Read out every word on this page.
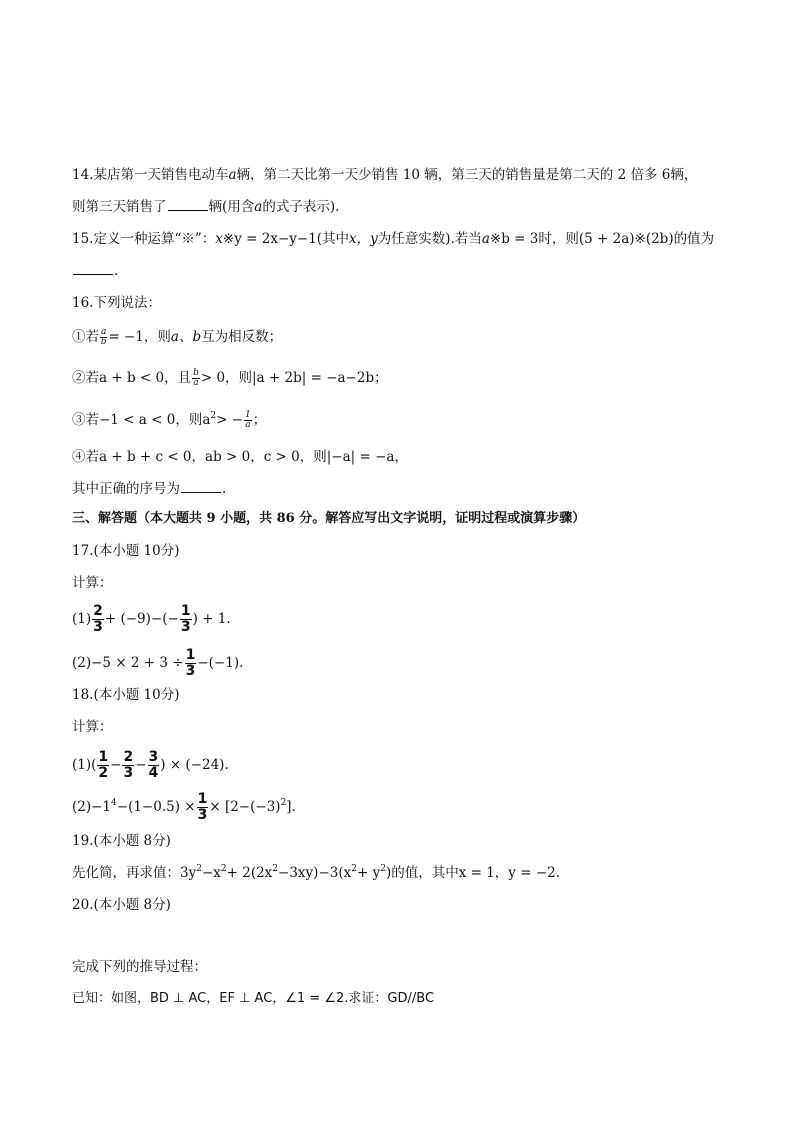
14.某店第一天销售电动车a辆，第二天比第一天少销售 10 辆，第三天的销售量是第二天的 2 倍多 6辆，
则第三天销售了	辆(用含a的式子表示).
15.定义一种运算“※”：x※y = 2x−y−1(其中x，y为任意实数).若当a※b = 3时，则(5 + 2a)※(2b)的值为
.
16.下列说法：
①若 $\frac{a}{b} = -1$，则a、b互为相反数；
②若a + b < 0，且 $\frac{b}{a} > 0$，则|a + 2b| = −a−2b；
③若−1 < a < 0，则$a^2> - \frac{1}{a}$ ；
④若a + b + c < 0，ab > 0，c > 0，则|−a| = −a，
其中正确的序号为	.
三、解答题（本大题共 9 小题，共 86 分。解答应写出文字说明，证明过程或演算步骤）
17.(本小题 10分)
计算：
$(1) \frac{2}{3} + (-9)-(- \frac{1}{3}$ ) + 1.
$(2)-5 \times 2 + 3 \div \frac{1}{3} -(-1)$.
18.(本小题 10分)
计算：
$(1)( \frac{1}{2} - \frac{2}{3} - \frac{3}{4}$ ) × (−24).
$(2)-1^4-(1-0.5) \times \frac{1}{3} \times [2-(-3)^2]$.
19.(本小题 8分)
先化简，再求值：$3y^2-x^2+ 2(2x^2-3xy)-3(x^2+ y^2)$的值，其中x = 1，y = −2.
20.(本小题 8分)
完成下列的推导过程：
已知：如图，BD ⊥ AC，EF ⊥ AC，∠1 = ∠2.求证：GD//BC
